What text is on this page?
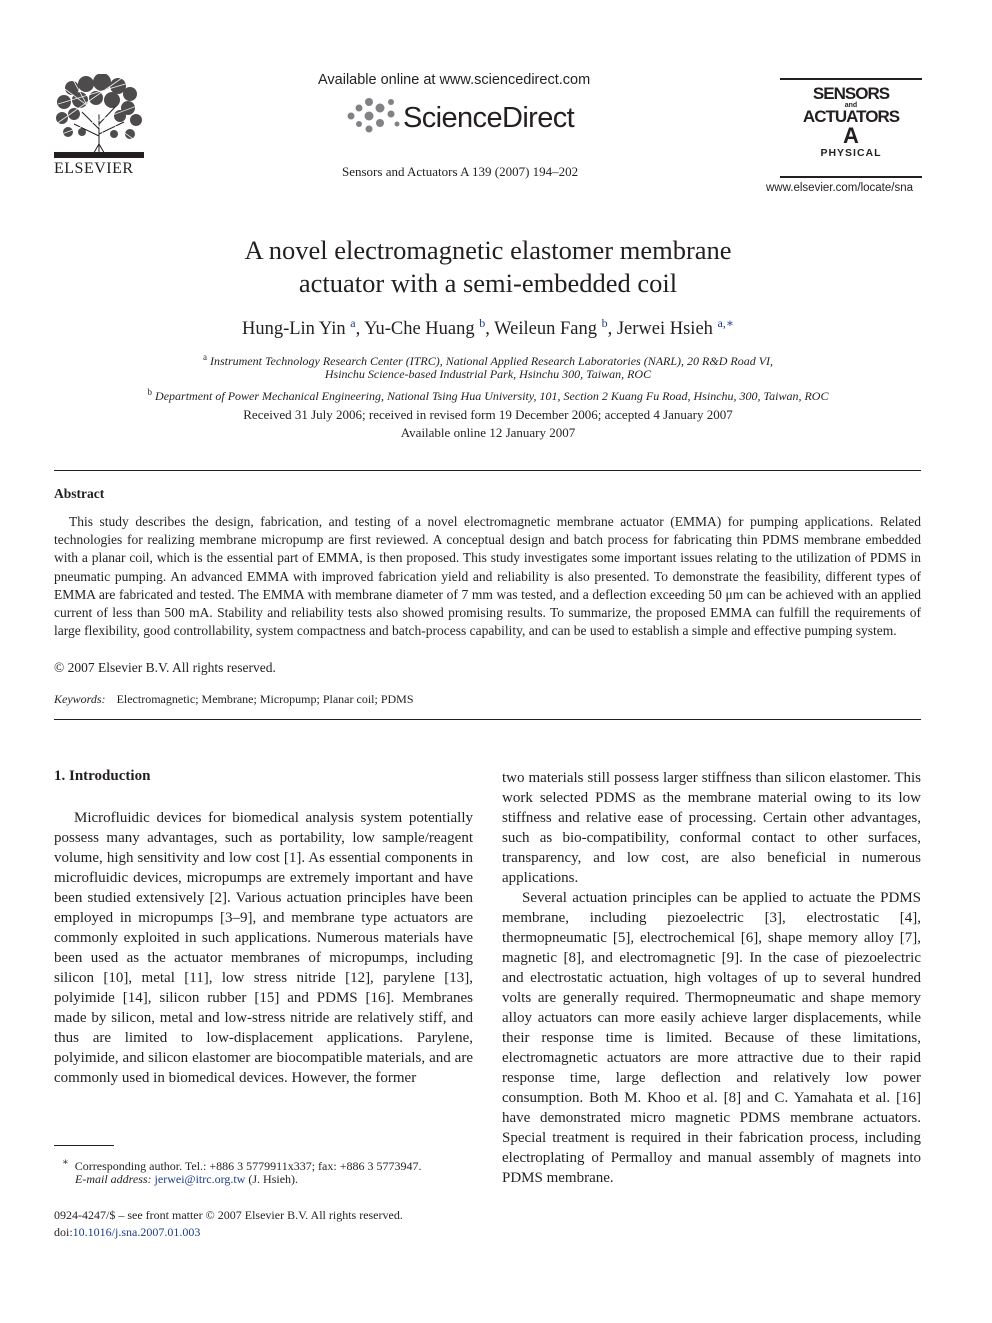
ELSEVIER
Available online at www.sciencedirect.com
ScienceDirect
Sensors and Actuators A 139 (2007) 194–202
SENSORS
and
ACTUATORS
A
PHYSICAL
www.elsevier.com/locate/sna
A novel electromagnetic elastomer membrane
actuator with a semi-embedded coil
Hung-Lin Yin $^a$, Yu-Che Huang $^b$, Weileun Fang $^b$, Jerwei Hsieh $^{a,∗}$
$^a$ Instrument Technology Research Center (ITRC), National Applied Research Laboratories (NARL), 20 R&D Road VI,
Hsinchu Science-based Industrial Park, Hsinchu 300, Taiwan, ROC
$^b$ Department of Power Mechanical Engineering, National Tsing Hua University, 101, Section 2 Kuang Fu Road, Hsinchu, 300, Taiwan, ROC
Received 31 July 2006; received in revised form 19 December 2006; accepted 4 January 2007
Available online 12 January 2007
Abstract

This study describes the design, fabrication, and testing of a novel electromagnetic membrane actuator (EMMA) for pumping applications. Related technologies for realizing membrane micropump are first reviewed. A conceptual design and batch process for fabricating thin PDMS membrane embedded with a planar coil, which is the essential part of EMMA, is then proposed. This study investigates some important issues relating to the utilization of PDMS in pneumatic pumping. An advanced EMMA with improved fabrication yield and reliability is also presented. To demonstrate the feasibility, different types of EMMA are fabricated and tested. The EMMA with membrane diameter of 7 mm was tested, and a deflection exceeding 50 μm can be achieved with an applied current of less than 500 mA. Stability and reliability tests also showed promising results. To summarize, the proposed EMMA can fulfill the requirements of large flexibility, good controllability, system compactness and batch-process capability, and can be used to establish a simple and effective pumping system.

© 2007 Elsevier B.V. All rights reserved.
Keywords: Electromagnetic; Membrane; Micropump; Planar coil; PDMS
1. Introduction

Microfluidic devices for biomedical analysis system potentially possess many advantages, such as portability, low sample/reagent volume, high sensitivity and low cost [1]. As essential components in microfluidic devices, micropumps are extremely important and have been studied extensively [2]. Various actuation principles have been employed in micropumps [3–9], and membrane type actuators are commonly exploited in such applications. Numerous materials have been used as the actuator membranes of micropumps, including silicon [10], metal [11], low stress nitride [12], parylene [13], polyimide [14], silicon rubber [15] and PDMS [16]. Membranes made by silicon, metal and low-stress nitride are relatively stiff, and thus are limited to low-displacement applications. Parylene, polyimide, and silicon elastomer are biocompatible materials, and are commonly used in biomedical devices. However, the former

two materials still possess larger stiffness than silicon elastomer. This work selected PDMS as the membrane material owing to its low stiffness and relative ease of processing. Certain other advantages, such as bio-compatibility, conformal contact to other surfaces, transparency, and low cost, are also beneficial in numerous applications.

Several actuation principles can be applied to actuate the PDMS membrane, including piezoelectric [3], electrostatic [4], thermopneumatic [5], electrochemical [6], shape memory alloy [7], magnetic [8], and electromagnetic [9]. In the case of piezoelectric and electrostatic actuation, high voltages of up to several hundred volts are generally required. Thermopneumatic and shape memory alloy actuators can more easily achieve larger displacements, while their response time is limited. Because of these limitations, electromagnetic actuators are more attractive due to their rapid response time, large deflection and relatively low power consumption. Both M. Khoo et al. [8] and C. Yamahata et al. [16] have demonstrated micro magnetic PDMS membrane actuators. Special treatment is required in their fabrication process, including electroplating of Permalloy and manual assembly of magnets into PDMS membrane.

∗ Corresponding author. Tel.: +886 3 5779911x337; fax: +886 3 5773947.
E-mail address: jerwei@itrc.org.tw (J. Hsieh).
0924-4247/$ – see front matter © 2007 Elsevier B.V. All rights reserved.
doi:10.1016/j.sna.2007.01.003
